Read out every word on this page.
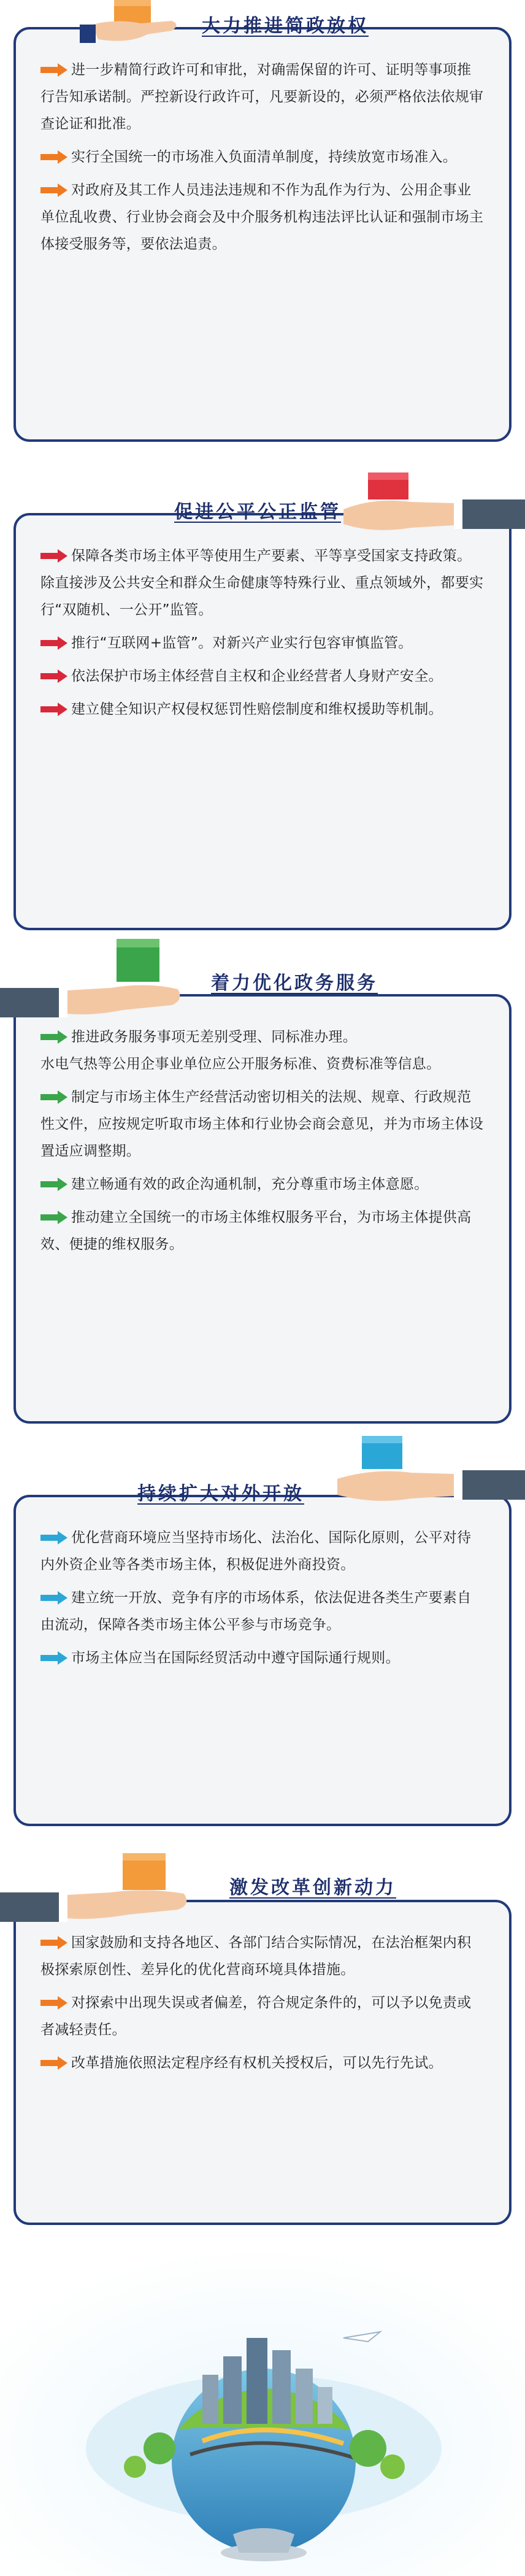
大力推进简政放权

进一步精简行政许可和审批，对确需保留的许可、证明等事项推行告知承诺制。严控新设行政许可，凡要新设的，必须严格依法依规审查论证和批准。

实行全国统一的市场准入负面清单制度，持续放宽市场准入。

对政府及其工作人员违法违规和不作为乱作为行为、公用企事业单位乱收费、行业协会商会及中介服务机构违法评比认证和强制市场主体接受服务等，要依法追责。

促进公平公正监管

保障各类市场主体平等使用生产要素、平等享受国家支持政策。除直接涉及公共安全和群众生命健康等特殊行业、重点领域外，都要实行“双随机、一公开”监管。

推行“互联网+监管”。对新兴产业实行包容审慎监管。

依法保护市场主体经营自主权和企业经营者人身财产安全。

建立健全知识产权侵权惩罚性赔偿制度和维权援助等机制。

着力优化政务服务

推进政务服务事项无差别受理、同标准办理。

水电气热等公用企事业单位应公开服务标准、资费标准等信息。

制定与市场主体生产经营活动密切相关的法规、规章、行政规范性文件，应按规定听取市场主体和行业协会商会意见，并为市场主体设置适应调整期。

建立畅通有效的政企沟通机制，充分尊重市场主体意愿。

推动建立全国统一的市场主体维权服务平台，为市场主体提供高效、便捷的维权服务。

持续扩大对外开放

优化营商环境应当坚持市场化、法治化、国际化原则，公平对待内外资企业等各类市场主体，积极促进外商投资。

建立统一开放、竞争有序的市场体系，依法促进各类生产要素自由流动，保障各类市场主体公平参与市场竞争。

市场主体应当在国际经贸活动中遵守国际通行规则。

激发改革创新动力

国家鼓励和支持各地区、各部门结合实际情况，在法治框架内积极探索原创性、差异化的优化营商环境具体措施。

对探索中出现失误或者偏差，符合规定条件的，可以予以免责或者减轻责任。

改革措施依照法定程序经有权机关授权后，可以先行先试。
